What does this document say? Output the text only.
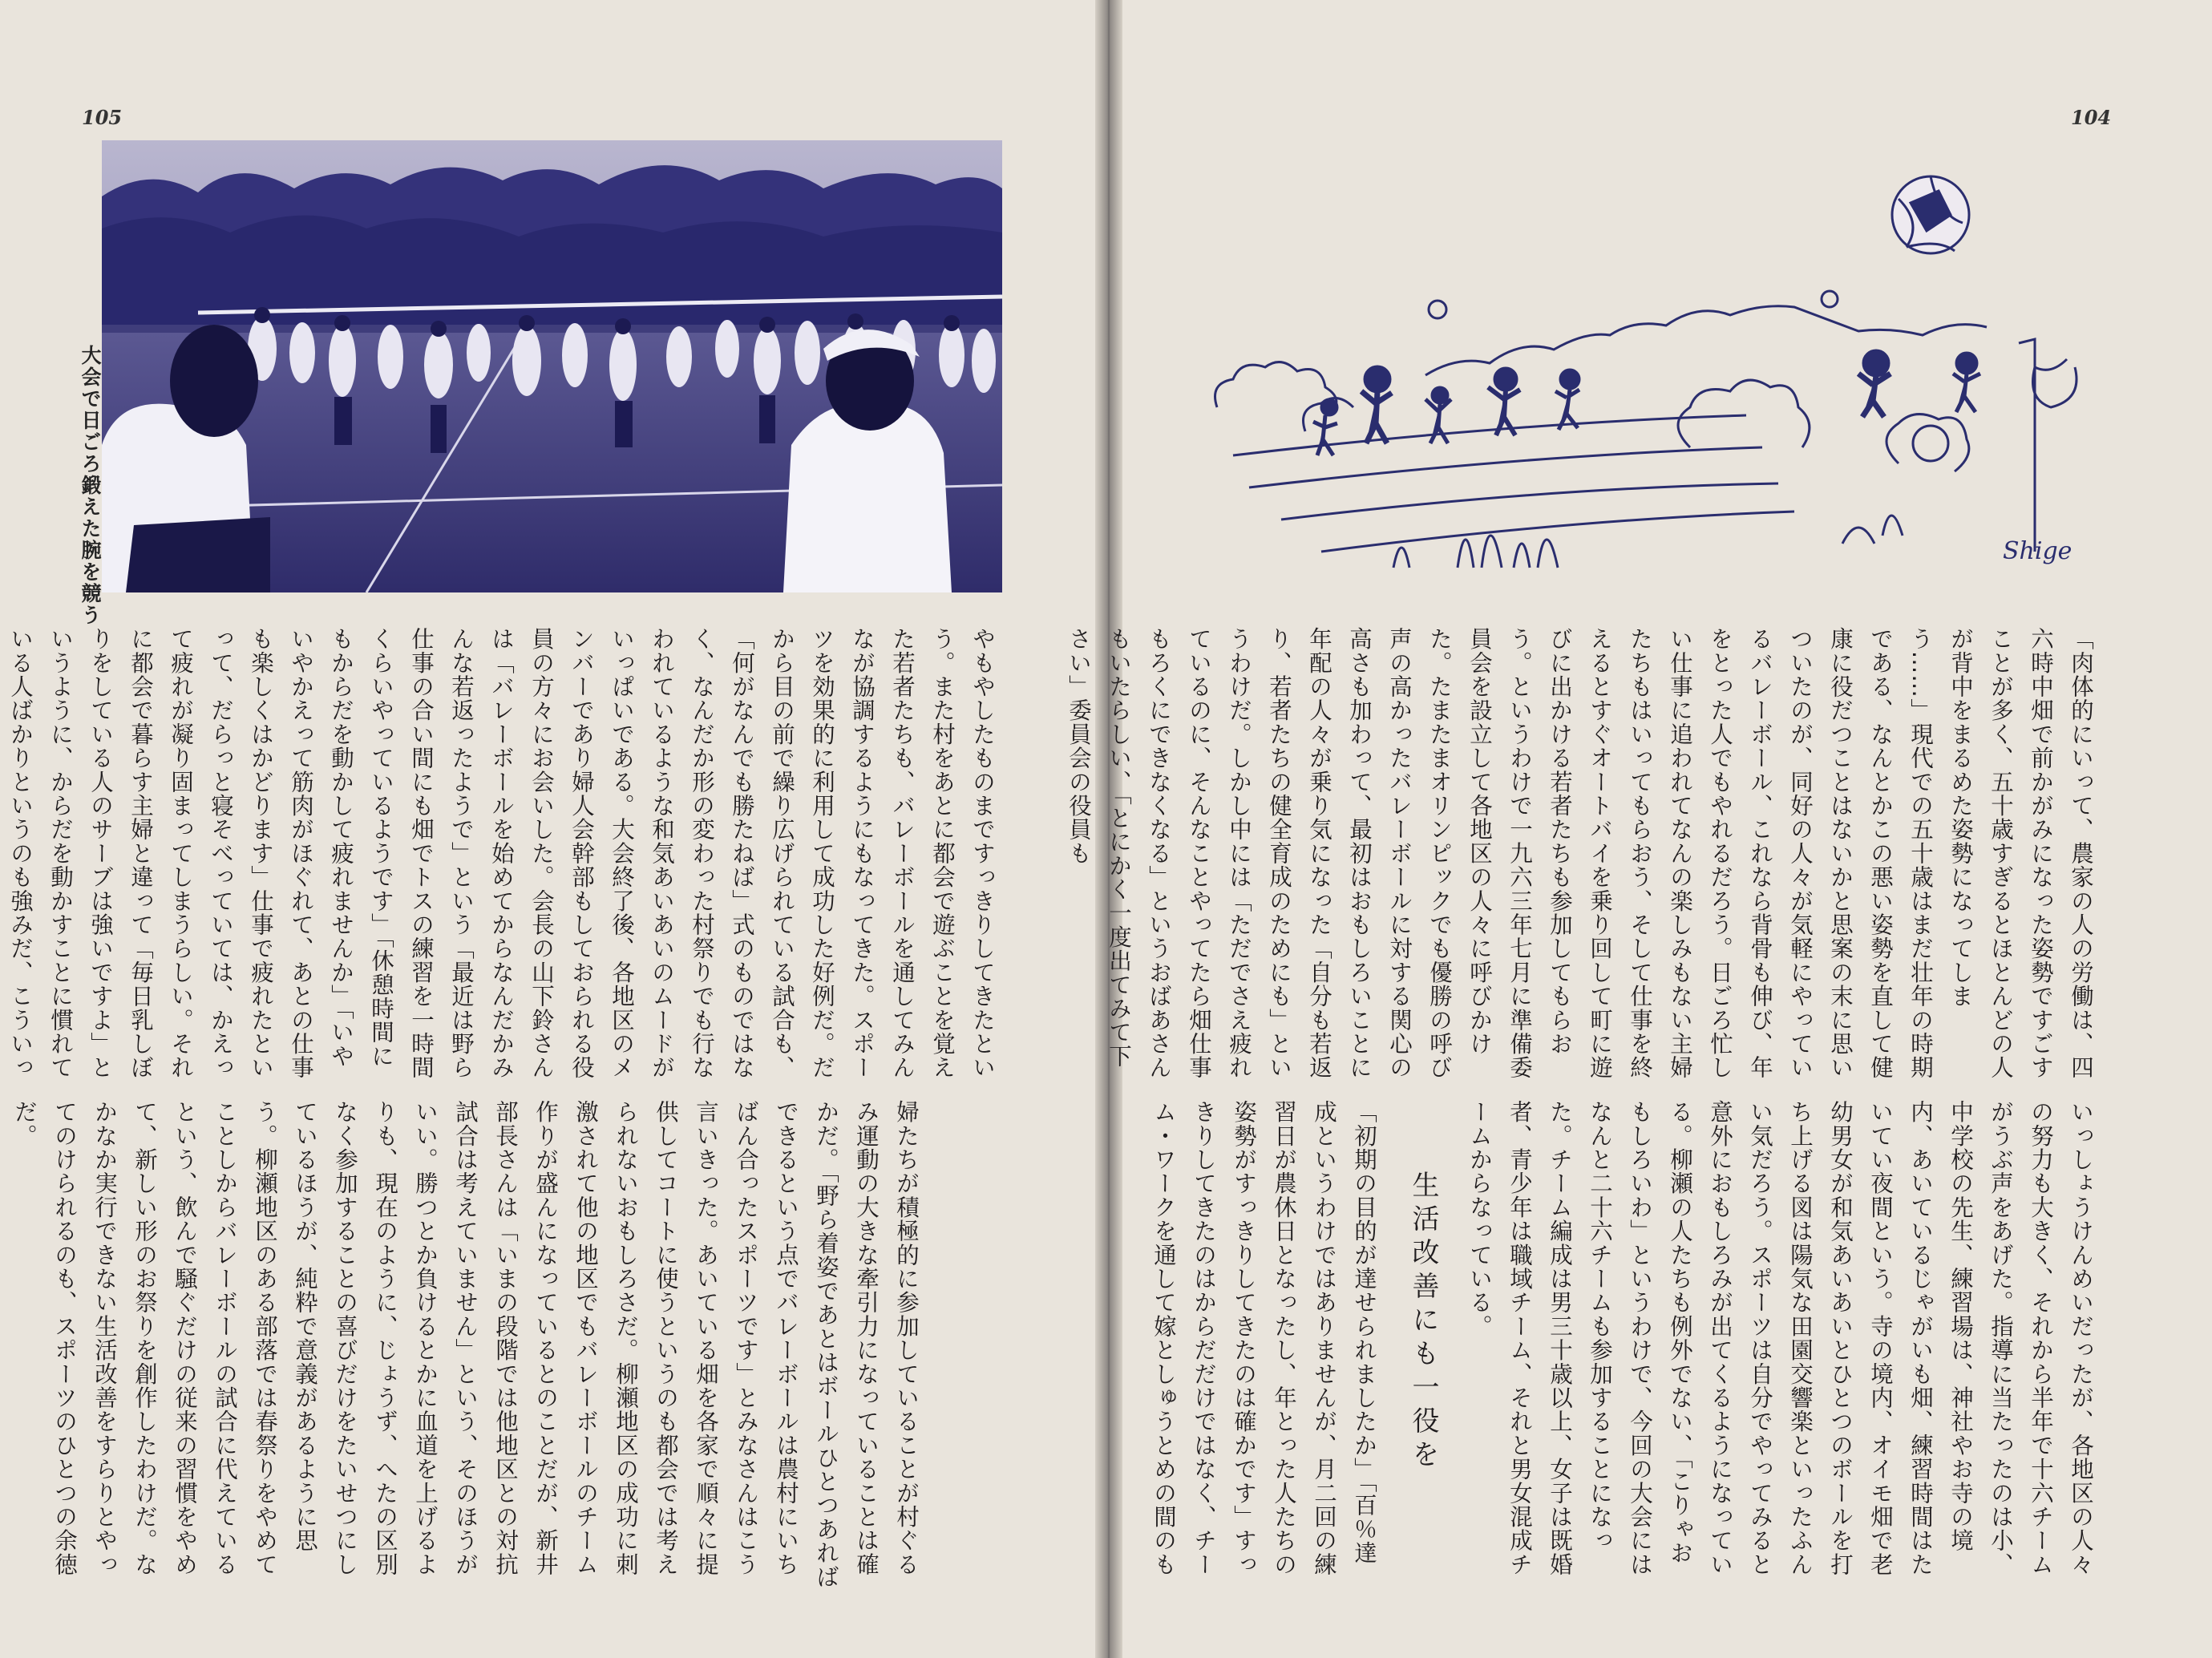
105	104
大会で日ごろ鍛えた腕を競う	Shige

「肉体的にいって、農家の人の労働は、四六時中畑で前かがみになった姿勢ですごすことが多く、五十歳すぎるとほとんどの人が背中をまるめた姿勢になってしまう……」現代での五十歳はまだ壮年の時期である、なんとかこの悪い姿勢を直して健康に役だつことはないかと思案の末に思いついたのが、同好の人々が気軽にやっているバレーボール、これなら背骨も伸び、年をとった人でもやれるだろう。日ごろ忙しい仕事に追われてなんの楽しみもない主婦たちもはいってもらおう、そして仕事を終えるとすぐオートバイを乗り回して町に遊びに出かける若者たちも参加してもらおう。というわけで一九六三年七月に準備委員会を設立して各地区の人々に呼びかけた。たまたまオリンピックでも優勝の呼び声の高かったバレーボールに対する関心の高さも加わって、最初はおもしろいことに年配の人々が乗り気になった「自分も若返り、若者たちの健全育成のためにも」というわけだ。しかし中には「ただでさえ疲れているのに、そんなことやってたら畑仕事もろくにできなくなる」というおばあさんもいたらしい、「とにかく一度出てみて下さい」委員会の役員も

いっしょうけんめいだったが、各地区の人々の努力も大きく、それから半年で十六チームがうぶ声をあげた。指導に当たったのは小、中学校の先生、練習場は、神社やお寺の境内、あいているじゃがいも畑、練習時間はたいてい夜間という。寺の境内、オイモ畑で老幼男女が和気あいあいとひとつのボールを打ち上げる図は陽気な田園交響楽といったふんい気だろう。スポーツは自分でやってみると意外におもしろみが出てくるようになっている。柳瀬の人たちも例外でない、「こりゃおもしろいわ」というわけで、今回の大会にはなんと二十六チームも参加することになった。チーム編成は男三十歳以上、女子は既婚者、青少年は職域チーム、それと男女混成チームからなっている。

生活改善にも一役を

「初期の目的が達せられましたか」「百％達成というわけではありませんが、月二回の練習日が農休日となったし、年とった人たちの姿勢がすっきりしてきたのは確かです」すっきりしてきたのはからだだけではなく、チーム・ワークを通して嫁としゅうとめの間のも

やもやしたものまですっきりしてきたという。また村をあとに都会で遊ぶことを覚えた若者たちも、バレーボールを通してみんなが協調するようにもなってきた。スポーツを効果的に利用して成功した好例だ。だから目の前で繰り広げられている試合も、「何がなんでも勝たねば」式のものではなく、なんだか形の変わった村祭りでも行なわれているような和気あいあいのムードがいっぱいである。大会終了後、各地区のメンバーであり婦人会幹部もしておられる役員の方々にお会いした。会長の山下鈴さんは「バレーボールを始めてからなんだかみんな若返ったようで」という「最近は野ら仕事の合い間にも畑でトスの練習を一時間くらいやっているようです」「休憩時間にもからだを動かして疲れませんか」「いやいやかえって筋肉がほぐれて、あとの仕事も楽しくはかどります」仕事で疲れたといって、だらっと寝そべっていては、かえって疲れが凝り固まってしまうらしい。それに都会で暮らす主婦と違って「毎日乳しぼりをしている人のサーブは強いですよ」というように、からだを動かすことに慣れている人ばかりというのも強みだ、こういっ

婦たちが積極的に参加していることが村ぐるみ運動の大きな牽引力になっていることは確かだ。「野ら着姿であとはボールひとつあればできるという点でバレーボールは農村にいちばん合ったスポーツです」とみなさんはこう言いきった。あいている畑を各家で順々に提供してコートに使うというのも都会では考えられないおもしろさだ。柳瀬地区の成功に刺激されて他の地区でもバレーボールのチーム作りが盛んになっているとのことだが、新井部長さんは「いまの段階では他地区との対抗試合は考えていません」という、そのほうがいい。勝つとか負けるとかに血道を上げるよりも、現在のように、じょうず、へたの区別なく参加することの喜びだけをたいせつにしているほうが、純粋で意義があるように思う。柳瀬地区のある部落では春祭りをやめてことしからバレーボールの試合に代えているという、飲んで騒ぐだけの従来の習慣をやめて、新しい形のお祭りを創作したわけだ。なかなか実行できない生活改善をすらりとやってのけられるのも、スポーツのひとつの余徳だ。
